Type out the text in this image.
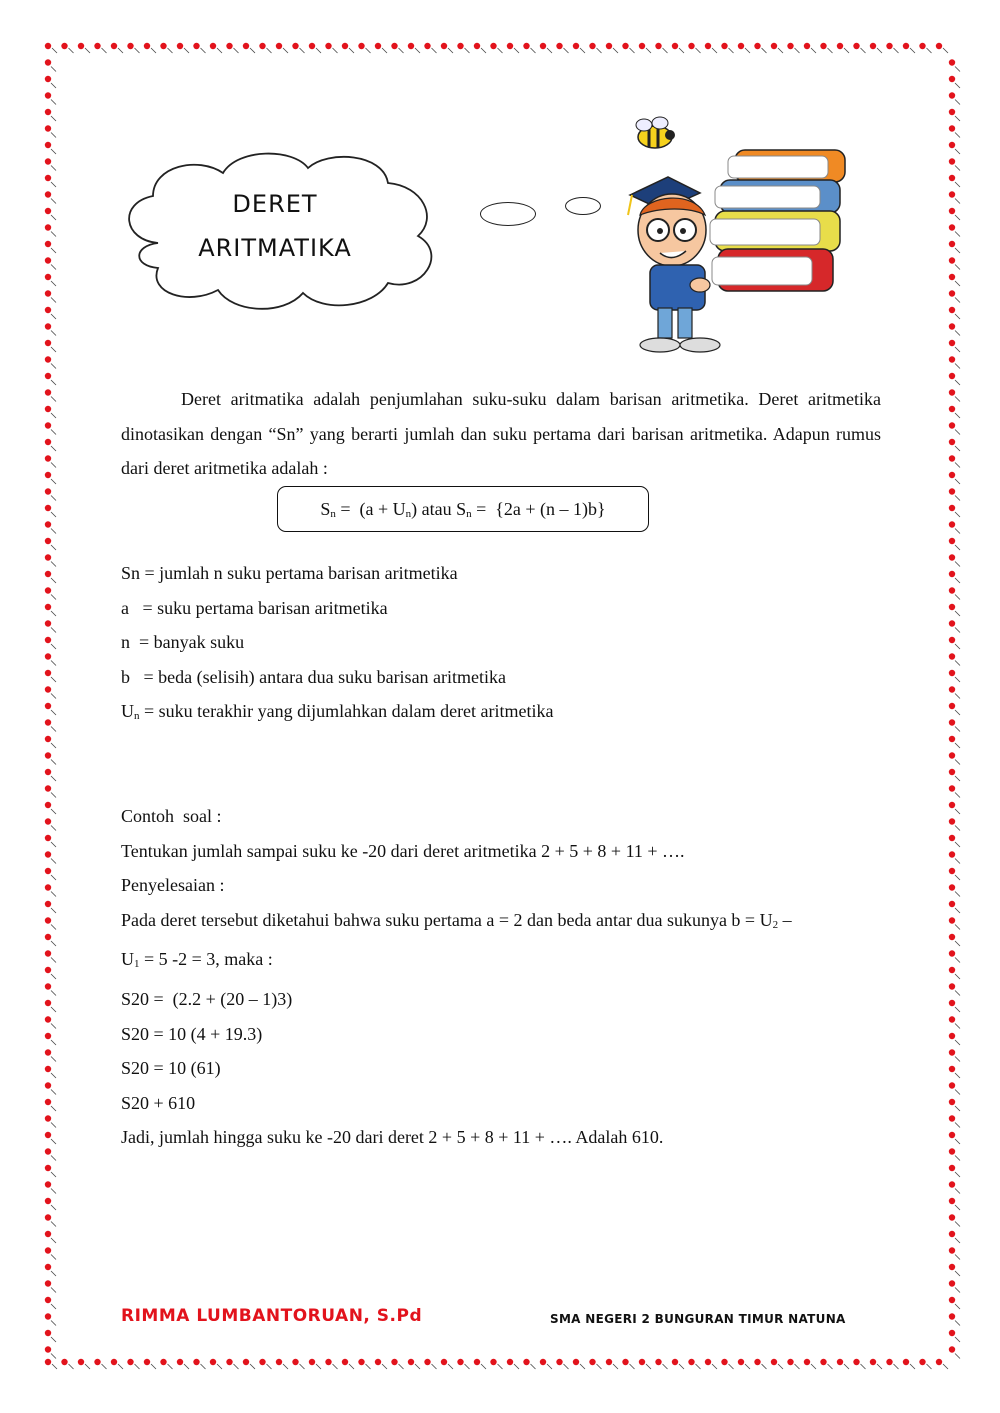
DERET
ARITMATIKA
Deret aritmatika adalah penjumlahan suku-suku dalam barisan aritmetika. Deret aritmetika dinotasikan dengan “Sn” yang berarti jumlah dan suku pertama dari barisan aritmetika. Adapun rumus dari deret aritmetika adalah :
$S_n = (a + U_n)$ atau $S_n = \{2a + (n - 1)b\}$
Sn = jumlah n suku pertama barisan aritmetika
a   = suku pertama barisan aritmetika
n  = banyak suku
b   = beda (selisih) antara dua suku barisan aritmetika
$U_n$ = suku terakhir yang dijumlahkan dalam deret aritmetika
Contoh  soal :
Tentukan jumlah sampai suku ke -20 dari deret aritmetika 2 + 5 + 8 + 11 + ….
Penyelesaian :
Pada deret tersebut diketahui bahwa suku pertama a = 2 dan beda antar dua sukunya $b = U_2$ –
$U_1 = 5$ -2 = 3, maka :
S20 =  (2.2 + (20 – 1)3)
S20 = 10 (4 + 19.3)
S20 = 10 (61)
S20 + 610
Jadi, jumlah hingga suku ke -20 dari deret 2 + 5 + 8 + 11 + …. Adalah 610.
RIMMA LUMBANTORUAN, S.Pd	SMA NEGERI 2 BUNGURAN TIMUR NATUNA
